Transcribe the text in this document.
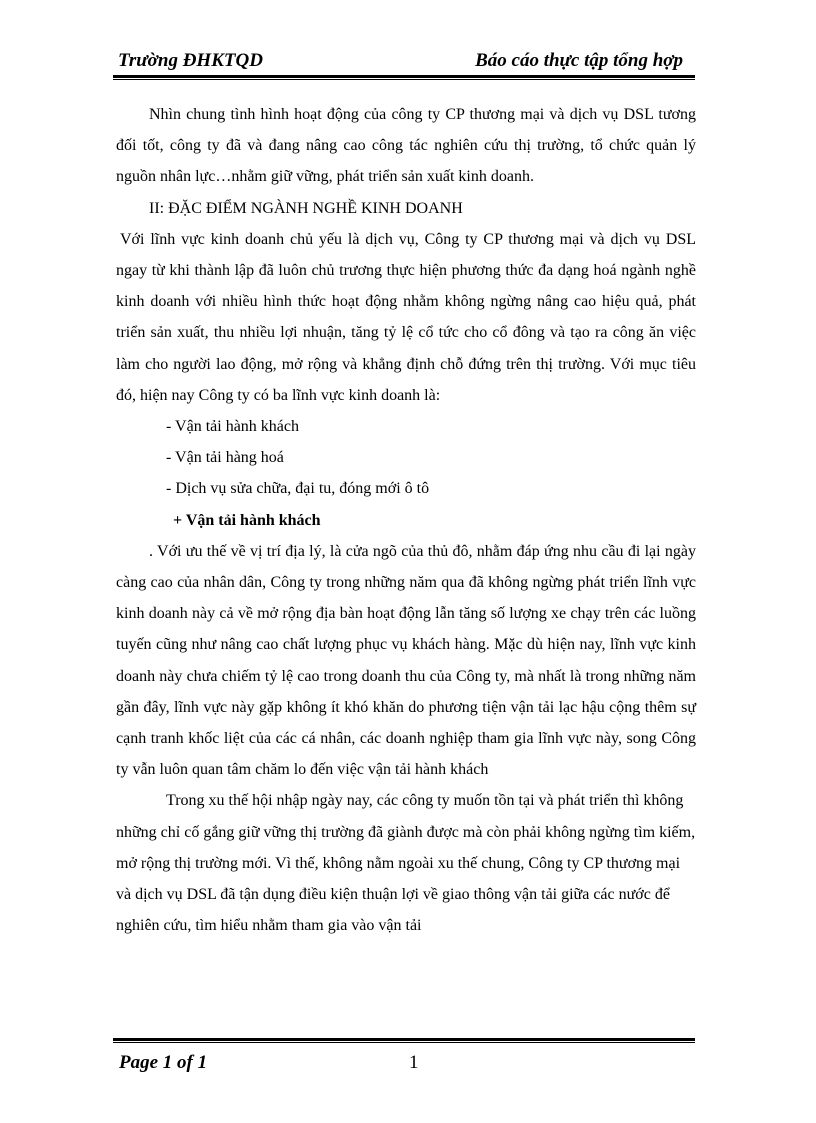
Trường ĐHKTQD	Báo cáo thực tập tổng hợp

Nhìn chung tình hình hoạt động của công ty CP thương mại và dịch vụ DSL tương đối tốt, công ty đã và đang nâng cao công tác nghiên cứu thị trường, tổ chức quản lý nguồn nhân lực…nhằm giữ vững, phát triển sản xuất kinh doanh.

II: ĐẶC ĐIỂM NGÀNH NGHỀ KINH DOANH

Với lĩnh vực kinh doanh chủ yếu là dịch vụ, Công ty CP thương mại và dịch vụ DSL ngay từ khi thành lập đã luôn chủ trương thực hiện phương thức đa dạng hoá ngành nghề kinh doanh với nhiều hình thức hoạt động nhằm không ngừng nâng cao hiệu quả, phát triển sản xuất, thu nhiều lợi nhuận, tăng tỷ lệ cổ tức cho cổ đông và tạo ra công ăn việc làm cho người lao động, mở rộng và khẳng định chỗ đứng trên thị trường. Với mục tiêu đó, hiện nay Công ty có ba lĩnh vực kinh doanh là:

- Vận tải hành khách

- Vận tải hàng hoá

- Dịch vụ sửa chữa, đại tu, đóng mới ô tô

+ Vận tải hành khách

. Với ưu thế về vị trí địa lý, là cửa ngõ của thủ đô, nhằm đáp ứng nhu cầu đi lại ngày càng cao của nhân dân, Công ty trong những năm qua đã không ngừng phát triển lĩnh vực kinh doanh này cả về mở rộng địa bàn hoạt động lẫn tăng số lượng xe chạy trên các luồng tuyến cũng như nâng cao chất lượng phục vụ khách hàng. Mặc dù hiện nay, lĩnh vực kinh doanh này chưa chiếm tỷ lệ cao trong doanh thu của Công ty, mà nhất là trong những năm gần đây, lĩnh vực này gặp không ít khó khăn do phương tiện vận tải lạc hậu cộng thêm sự cạnh tranh khốc liệt của các cá nhân, các doanh nghiệp tham gia lĩnh vực này, song Công ty vẫn luôn quan tâm chăm lo đến việc vận tải hành khách

Trong xu thế hội nhập ngày nay, các công ty muốn tồn tại và phát triển thì không những chỉ cố gắng giữ vững thị trường đã giành được mà còn phải không ngừng tìm kiếm, mở rộng thị trường mới. Vì thế, không nằm ngoài xu thế chung, Công ty CP thương mại và dịch vụ DSL đã tận dụng điều kiện thuận lợi về giao thông vận tải giữa các nước để nghiên cứu, tìm hiểu nhằm tham gia vào vận tải

Page 1 of 1	1
